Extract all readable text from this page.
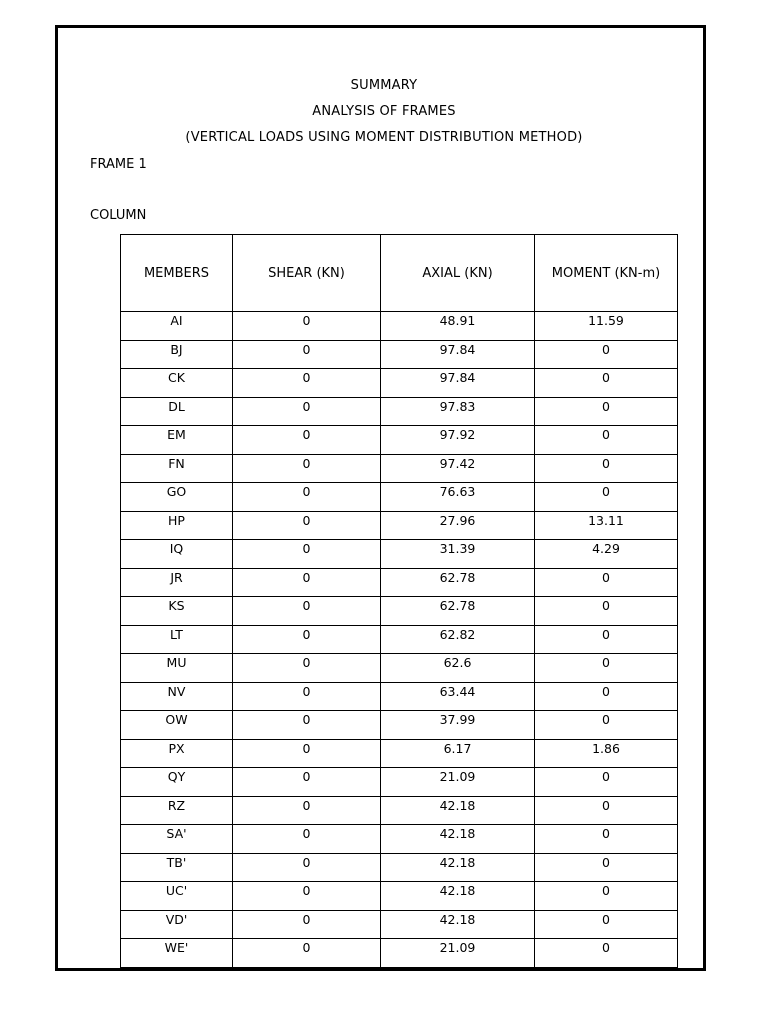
SUMMARY
ANALYSIS OF FRAMES
(VERTICAL LOADS USING MOMENT DISTRIBUTION METHOD)
FRAME 1
COLUMN
MEMBERS	SHEAR (KN)	AXIAL (KN)	MOMENT (KN-m)
AI	0	48.91	11.59
BJ	0	97.84	0
CK	0	97.84	0
DL	0	97.83	0
EM	0	97.92	0
FN	0	97.42	0
GO	0	76.63	0
HP	0	27.96	13.11
IQ	0	31.39	4.29
JR	0	62.78	0
KS	0	62.78	0
LT	0	62.82	0
MU	0	62.6	0
NV	0	63.44	0
OW	0	37.99	0
PX	0	6.17	1.86
QY	0	21.09	0
RZ	0	42.18	0
SA'	0	42.18	0
TB'	0	42.18	0
UC'	0	42.18	0
VD'	0	42.18	0
WE'	0	21.09	0
